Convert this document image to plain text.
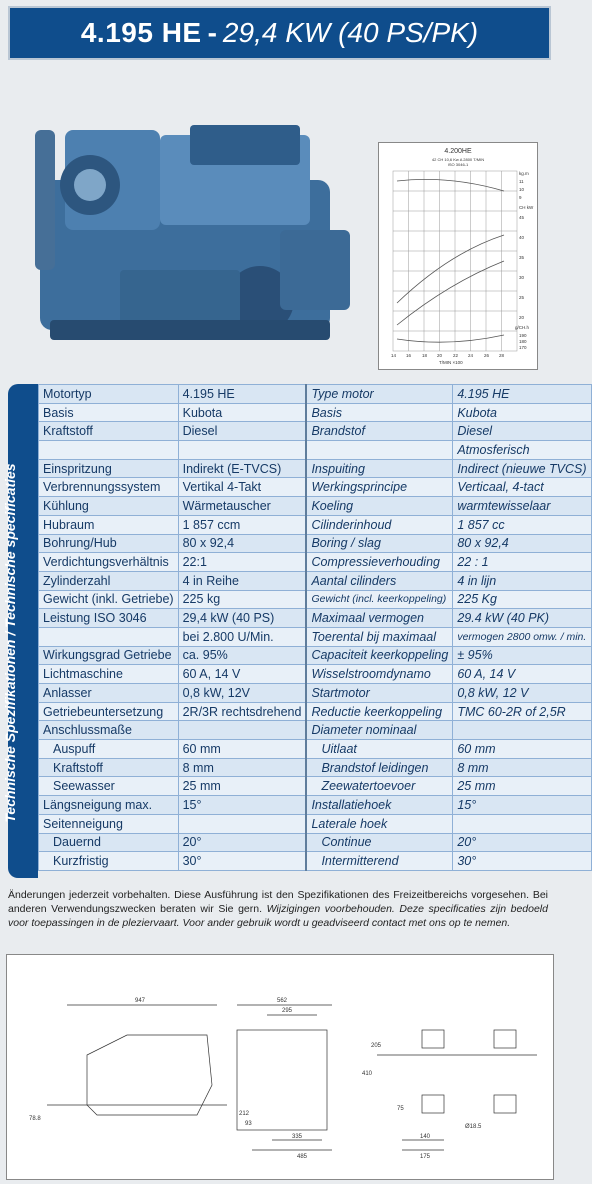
4.195 HE - 29,4 KW (40 PS/PK)
4.200HE
42 CH 10,6 Kw A 2800 T/MIN
ISO 3046-1
kg.m
11
10
9
CH kW
45
40
35
30
25
20
g/CH.h
190
180
170
14 16 18 20 22 24 26 28
T/MIN ×100
Technische Spezifikationen / Technische specificaties
Motortyp	4.195 HE	Type motor	4.195 HE
Basis	Kubota	Basis	Kubota
Kraftstoff	Diesel	Brandstof	Diesel
			Atmosferisch
Einspritzung	Indirekt (E-TVCS)	Inspuiting	Indirect (nieuwe TVCS)
Verbrennungssystem	Vertikal 4-Takt	Werkingsprincipe	Verticaal, 4-tact
Kühlung	Wärmetauscher	Koeling	warmtewisselaar
Hubraum	1 857 ccm	Cilinderinhoud	1 857 cc
Bohrung/Hub	80 x 92,4	Boring / slag	80 x 92,4
Verdichtungsverhältnis	22:1	Compressieverhouding	22 : 1
Zylinderzahl	4 in Reihe	Aantal cilinders	4 in lijn
Gewicht (inkl. Getriebe)	225 kg	Gewicht (incl. keerkoppeling)	225 Kg
Leistung ISO 3046	29,4 kW (40 PS)	Maximaal vermogen	29.4 kW (40 PK)
	bei 2.800 U/Min.	Toerental bij maximaal	vermogen 2800 omw. / min.
Wirkungsgrad Getriebe	ca. 95%	Capaciteit keerkoppeling	± 95%
Lichtmaschine	60 A, 14 V	Wisselstroomdynamo	60 A, 14 V
Anlasser	0,8 kW, 12V	Startmotor	0,8 kW, 12 V
Getriebeuntersetzung	2R/3R rechtsdrehend	Reductie keerkoppeling	TMC 60-2R of 2,5R
Anschlussmaße		Diameter nominaal	
Auspuff	60 mm	Uitlaat	60 mm
Kraftstoff	8 mm	Brandstof leidingen	8 mm
Seewasser	25 mm	Zeewatertoevoer	25 mm
Längsneigung max.	15°	Installatiehoek	15°
Seitenneigung		Laterale hoek	
Dauernd	20°	Continue	20°
Kurzfristig	30°	Intermitterend	30°
Änderungen jederzeit vorbehalten. Diese Ausführung ist den Spezifikationen des Freizeitbereichs vorgesehen. Bei anderen Verwendungszwecken beraten wir Sie gern. Wijzigingen voorbehouden. Deze specificaties zijn bedoeld voor toepassingen in de pleziervaart. Voor ander gebruik wordt u geadviseerd contact met ons op te nemen.
947	562
295
78.8
212
93
335
485
410
205
75
140
175
Ø18.5
